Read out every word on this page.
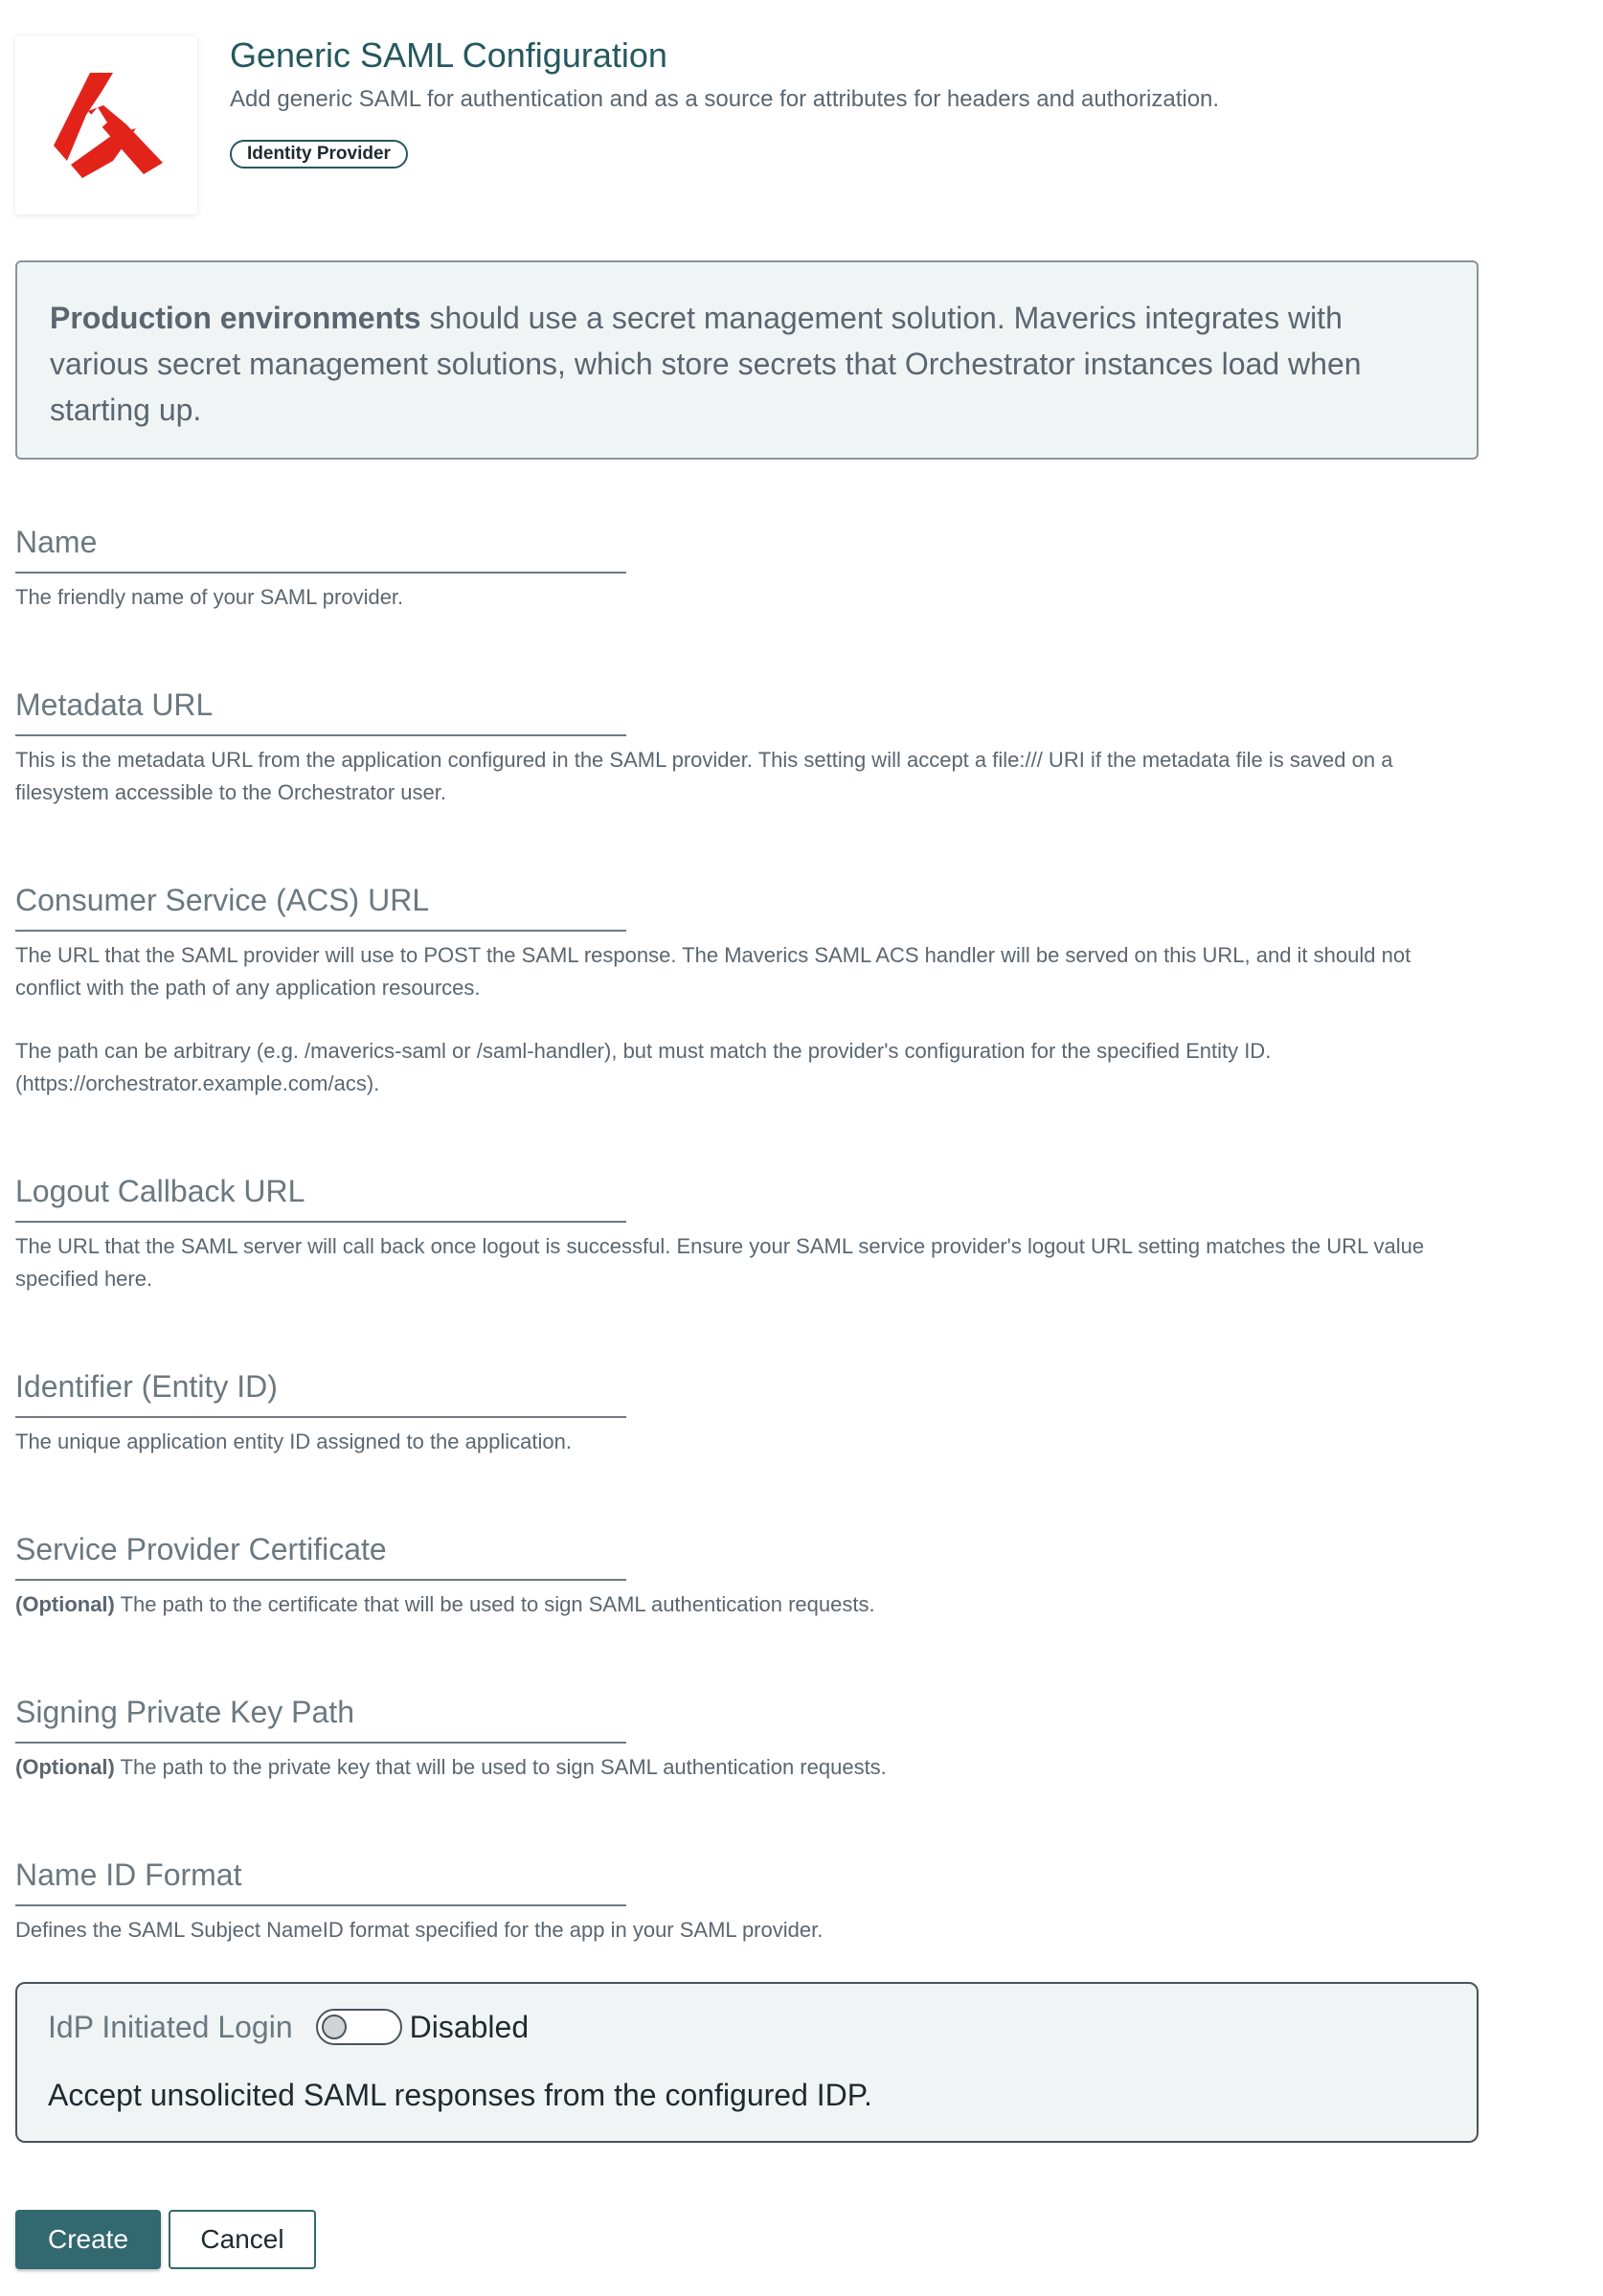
Generic SAML Configuration

Add generic SAML for authentication and as a source for attributes for headers and authorization.

Identity Provider
Production environments should use a secret management solution. Maverics integrates with various secret management solutions, which store secrets that Orchestrator instances load when starting up.
Name

The friendly name of your SAML provider.

Metadata URL

This is the metadata URL from the application configured in the SAML provider. This setting will accept a file:/// URI if the metadata file is saved on a filesystem accessible to the Orchestrator user.

Consumer Service (ACS) URL

The URL that the SAML provider will use to POST the SAML response. The Maverics SAML ACS handler will be served on this URL, and it should not conflict with the path of any application resources.

The path can be arbitrary (e.g. /maverics-saml or /saml-handler), but must match the provider's configuration for the specified Entity ID. (https://orchestrator.example.com/acs).

Logout Callback URL

The URL that the SAML server will call back once logout is successful. Ensure your SAML service provider's logout URL setting matches the URL value specified here.

Identifier (Entity ID)

The unique application entity ID assigned to the application.

Service Provider Certificate

(Optional) The path to the certificate that will be used to sign SAML authentication requests.

Signing Private Key Path

(Optional) The path to the private key that will be used to sign SAML authentication requests.

Name ID Format

Defines the SAML Subject NameID format specified for the app in your SAML provider.

IdP Initiated Login	Disabled
Accept unsolicited SAML responses from the configured IDP.
Create	Cancel
